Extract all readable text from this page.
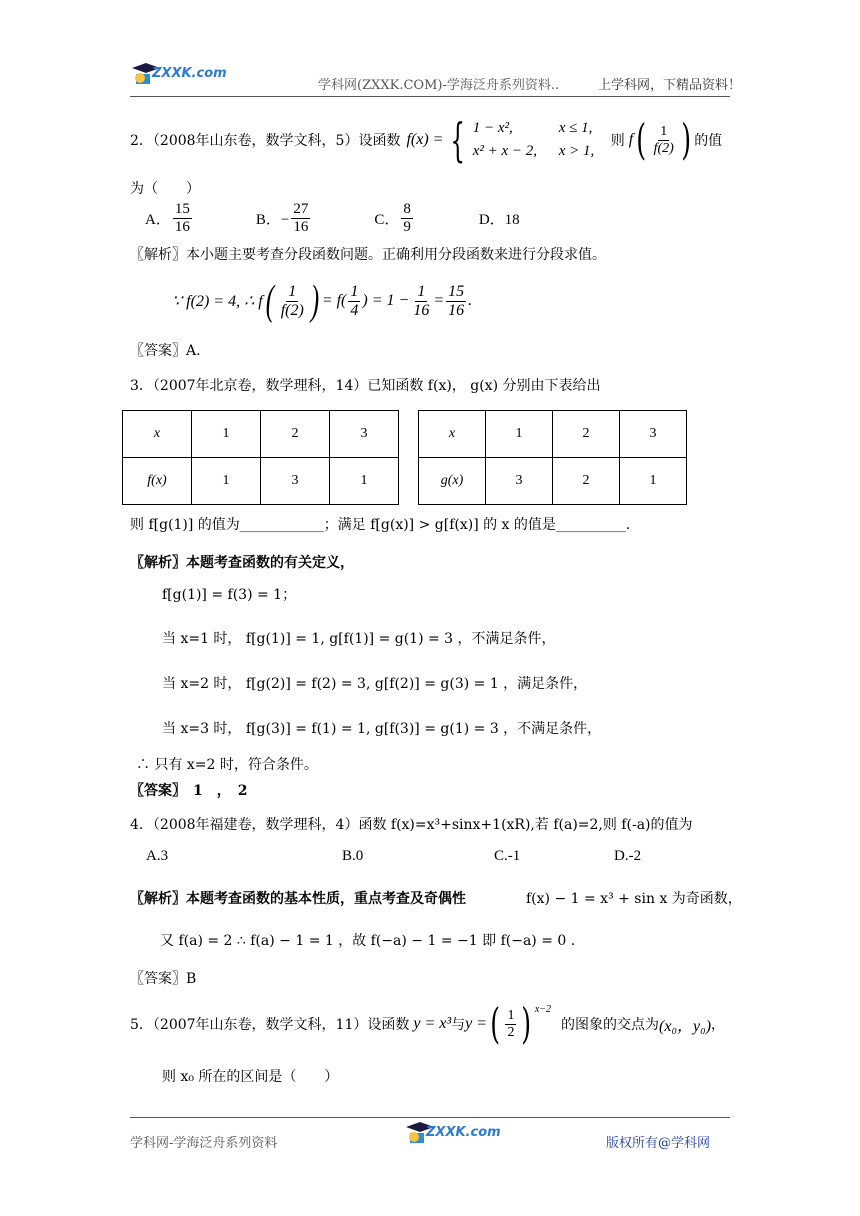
ZXXK.com
学科网(ZXXK.COM)-学海泛舟系列资料..	上学科网，下精品资料！
2．（2008年山东卷，数学文科，5）设函数 f(x) = { 1 − x²,	x ≤ 1,
x² + x − 2,	x > 1,
则 f ( $\frac{1}{f(2)}$ ) 的值
为（　　）
A． $\frac{15}{16}$	B．− $\frac{27}{16}$	C． $\frac{8}{9}$	D．18
〖解析〗本小题主要考查分段函数问题。正确利用分段函数来进行分段求值。
∵ f(2) = 4, ∴ f ( $\frac{1}{f(2)}$ ) = $f( \frac{1}{4}$ ) = $1 - \frac{1}{16} = \frac{15}{16}$ .
〖答案〗A.
3．（2007年北京卷，数学理科，14）已知函数 f(x)， g(x) 分别由下表给出
x	1	2	3
f(x)	1	3	1
x	1	2	3
g(x)	3	2	1
则 f[g(1)] 的值为____________；满足 f[g(x)] > g[f(x)] 的 x 的值是__________.
〖解析〗本题考查函数的有关定义，
f[g(1)] = f(3) = 1；
当 x=1 时， f[g(1)] = 1, g[f(1)] = g(1) = 3 ，不满足条件，
当 x=2 时， f[g(2)] = f(2) = 3, g[f(2)] = g(3) = 1 ，满足条件，
当 x=3 时， f[g(3)] = f(1) = 1, g[f(3)] = g(1) = 3 ，不满足条件，
∴ 只有 x=2 时，符合条件。
〖答案〗　1　，　2
4．（2008年福建卷，数学理科，4）函数 f(x)=x³+sinx+1(xR),若 f(a)=2,则 f(-a)的值为
A.3	B.0	C.-1	D.-2
〖解析〗本题考查函数的基本性质，重点考查及奇偶性	f(x) − 1 = x³ + sin x 为奇函数，
又 f(a) = 2 ∴ f(a) − 1 = 1 ，故 f(−a) − 1 = −1 即 f(−a) = 0 .
〖答案〗B
5．（2007年山东卷，数学文科，11）设函数 y = x³ 与 y = ( $\frac{1}{2}$ ) x−2
的图象的交点为 (x₀，y₀) ，
则 x₀ 所在的区间是（　　）
学科网-学海泛舟系列资料
ZXXK.com
版权所有@学科网
